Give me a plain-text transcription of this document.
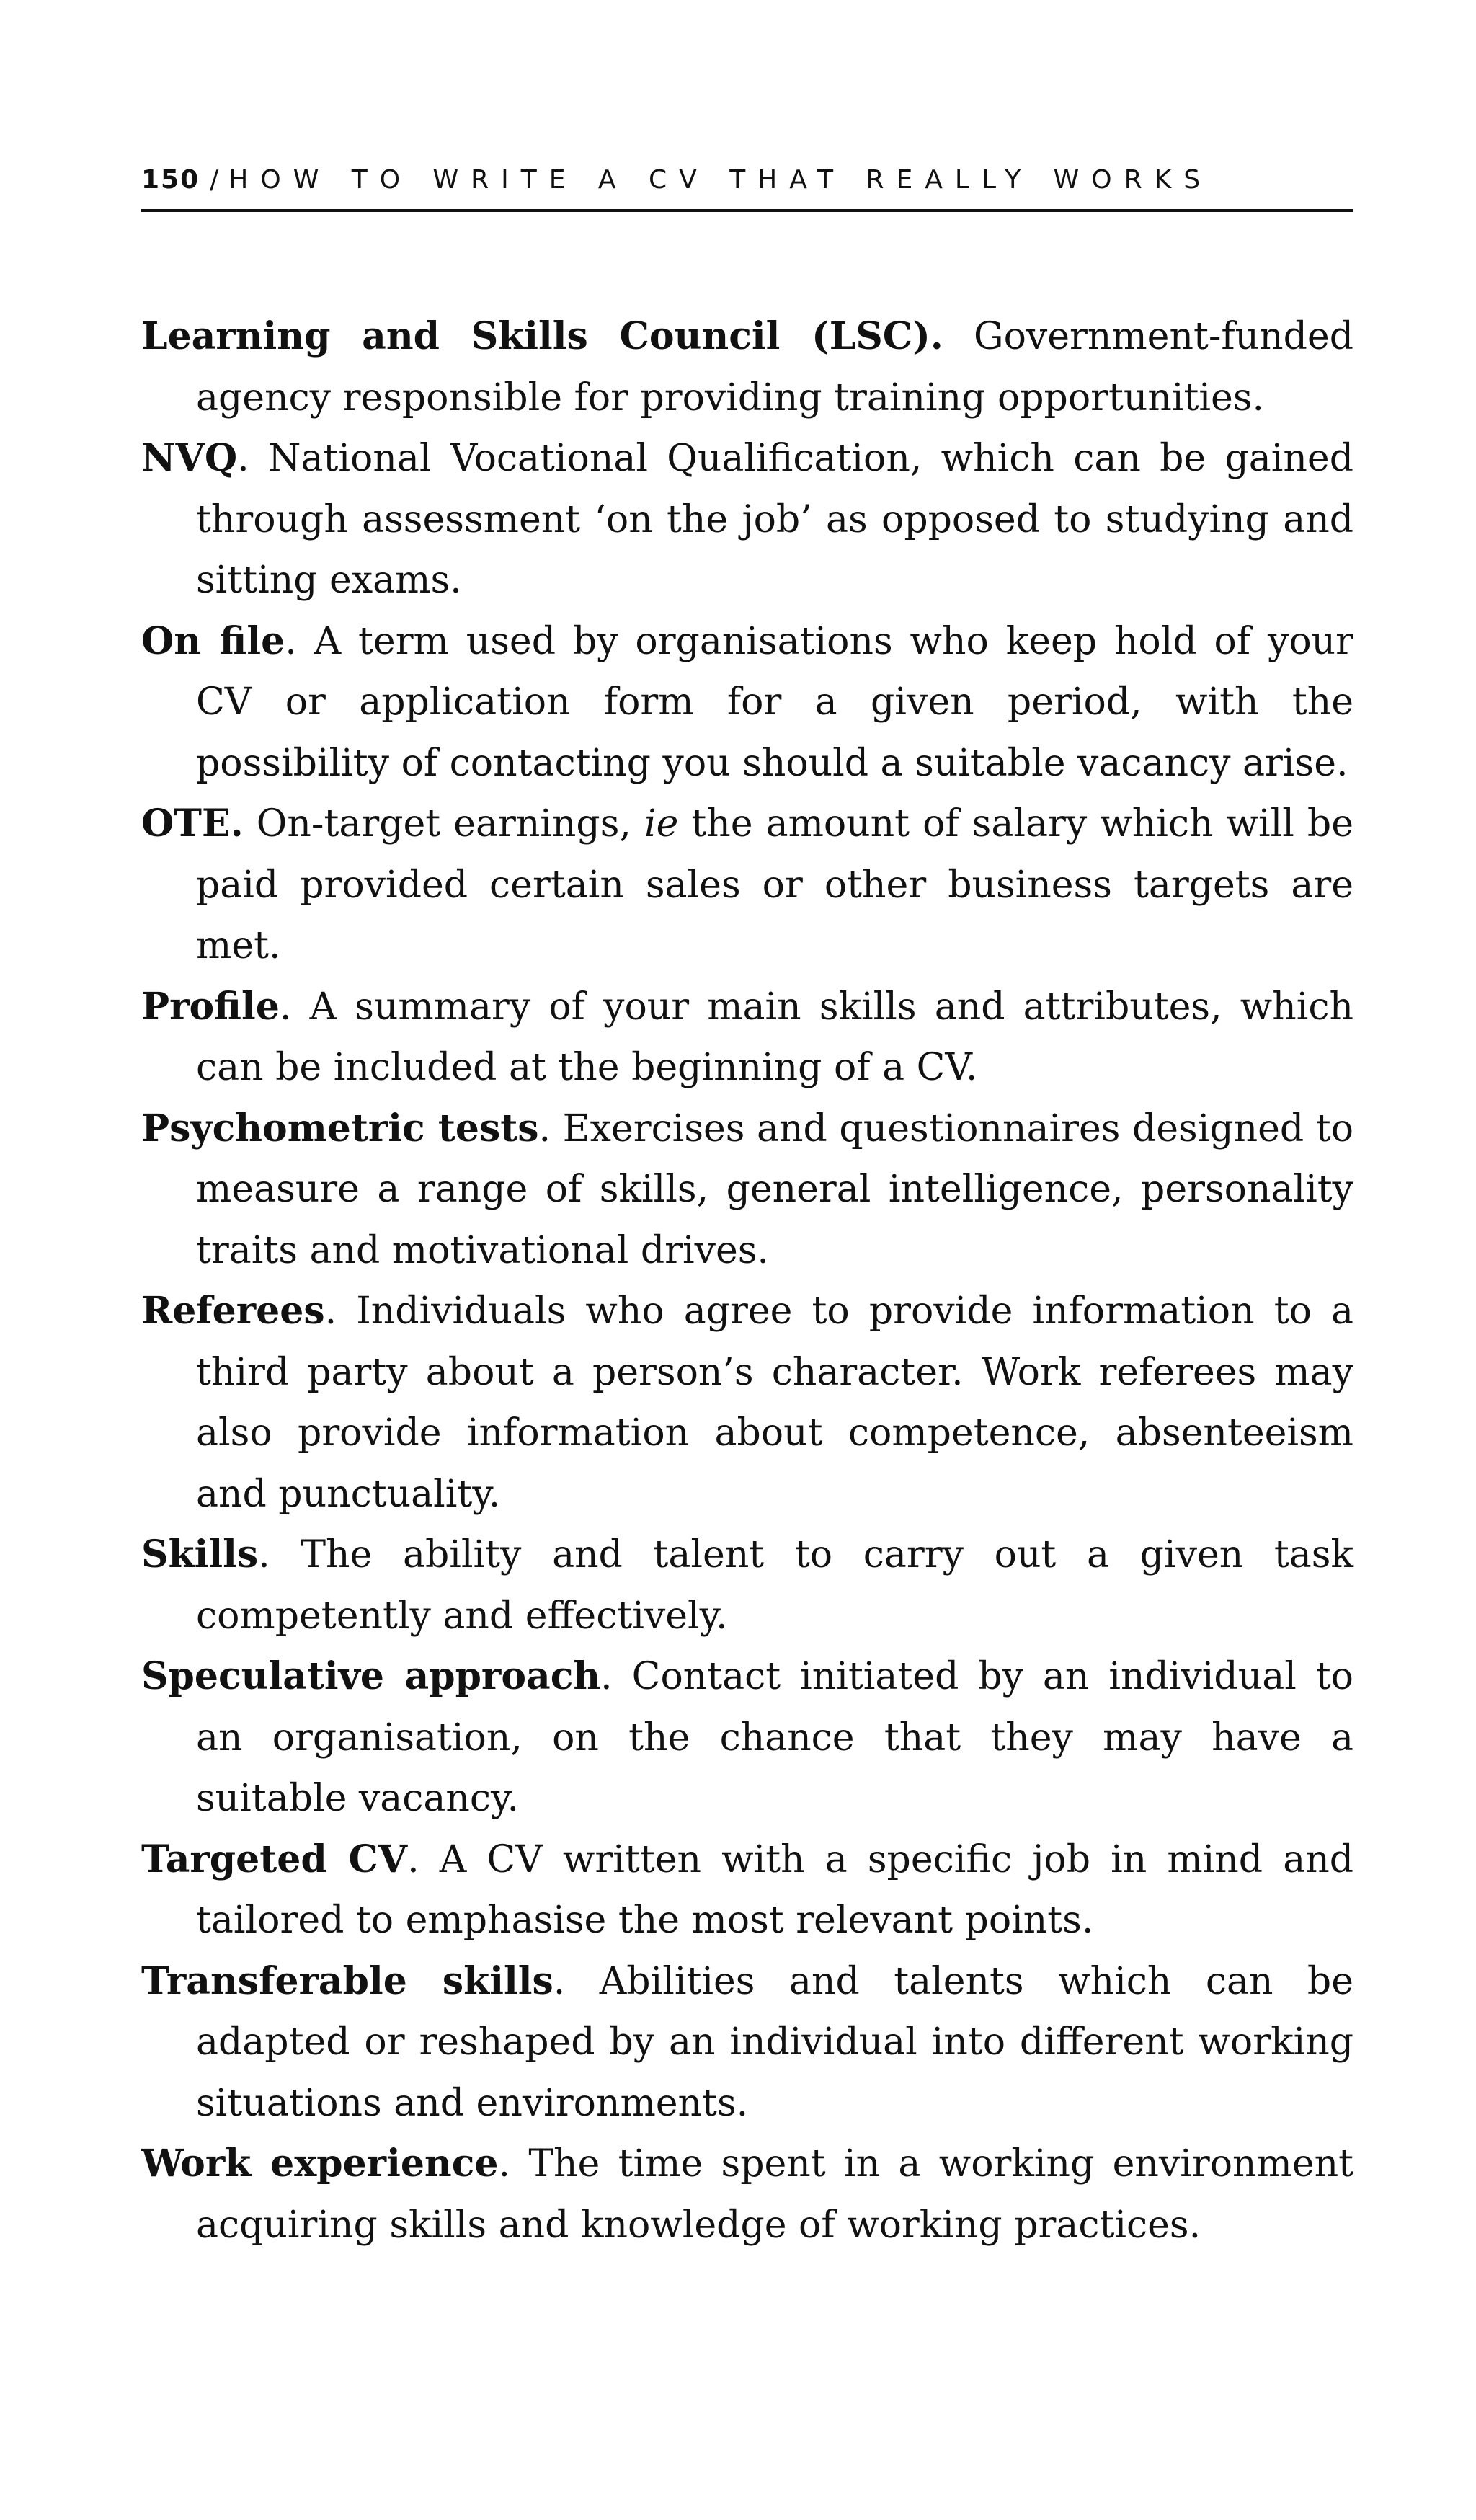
150 / HOW TO WRITE A CV THAT REALLY WORKS

Learning and Skills Council (LSC). Government-funded agency responsible for providing training opportunities.

NVQ. National Vocational Qualification, which can be gained through assessment ‘on the job’ as opposed to studying and sitting exams.

On file. A term used by organisations who keep hold of your CV or application form for a given period, with the possibility of contacting you should a suitable vacancy arise.

OTE. On-target earnings, ie the amount of salary which will be paid provided certain sales or other business targets are met.

Profile. A summary of your main skills and attributes, which can be included at the beginning of a CV.

Psychometric tests. Exercises and questionnaires designed to measure a range of skills, general intelligence, personality traits and motivational drives.

Referees. Individuals who agree to provide information to a third party about a person’s character. Work referees may also provide information about competence, absenteeism and punctuality.

Skills. The ability and talent to carry out a given task competently and effectively.

Speculative approach. Contact initiated by an individual to an organisation, on the chance that they may have a suitable vacancy.

Targeted CV. A CV written with a specific job in mind and tailored to emphasise the most relevant points.

Transferable skills. Abilities and talents which can be adapted or reshaped by an individual into different working situations and environments.

Work experience. The time spent in a working environment acquiring skills and knowledge of working practices.
